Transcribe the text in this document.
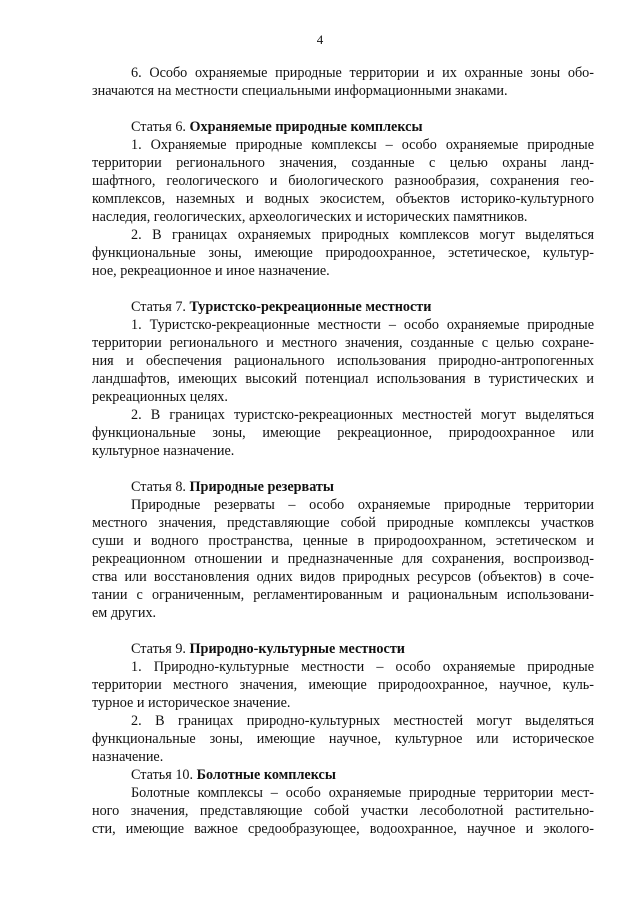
4
6. Особо охраняемые природные территории и их охранные зоны обо-
значаются на местности специальными информационными знаками.
Статья 6. Охраняемые природные комплексы
1. Охраняемые природные комплексы – особо охраняемые природные
территории регионального значения, созданные с целью охраны ланд-
шафтного, геологического и биологического разнообразия, сохранения гео-
комплексов, наземных и водных экосистем, объектов историко-культурного
наследия, геологических, археологических и исторических памятников.
2. В границах охраняемых природных комплексов могут выделяться
функциональные зоны, имеющие природоохранное, эстетическое, культур-
ное, рекреационное и иное назначение.
Статья 7. Туристско-рекреационные местности
1. Туристско-рекреационные местности – особо охраняемые природные
территории регионального и местного значения, созданные с целью сохране-
ния и обеспечения рационального использования природно-антропогенных
ландшафтов, имеющих высокий потенциал использования в туристических и
рекреационных целях.
2. В границах туристско-рекреационных местностей могут выделяться
функциональные зоны, имеющие рекреационное, природоохранное или
культурное назначение.
Статья 8. Природные резерваты
Природные резерваты – особо охраняемые природные территории
местного значения, представляющие собой природные комплексы участков
суши и водного пространства, ценные в природоохранном, эстетическом и
рекреационном отношении и предназначенные для сохранения, воспроизвод-
ства или восстановления одних видов природных ресурсов (объектов) в соче-
тании с ограниченным, регламентированным и рациональным использовани-
ем других.
Статья 9. Природно-культурные местности
1. Природно-культурные местности – особо охраняемые природные
территории местного значения, имеющие природоохранное, научное, куль-
турное и историческое значение.
2. В границах природно-культурных местностей могут выделяться
функциональные зоны, имеющие научное, культурное или историческое
назначение.
Статья 10. Болотные комплексы
Болотные комплексы – особо охраняемые природные территории мест-
ного значения, представляющие собой участки лесоболотной растительно-
сти, имеющие важное средообразующее, водоохранное, научное и эколого-
